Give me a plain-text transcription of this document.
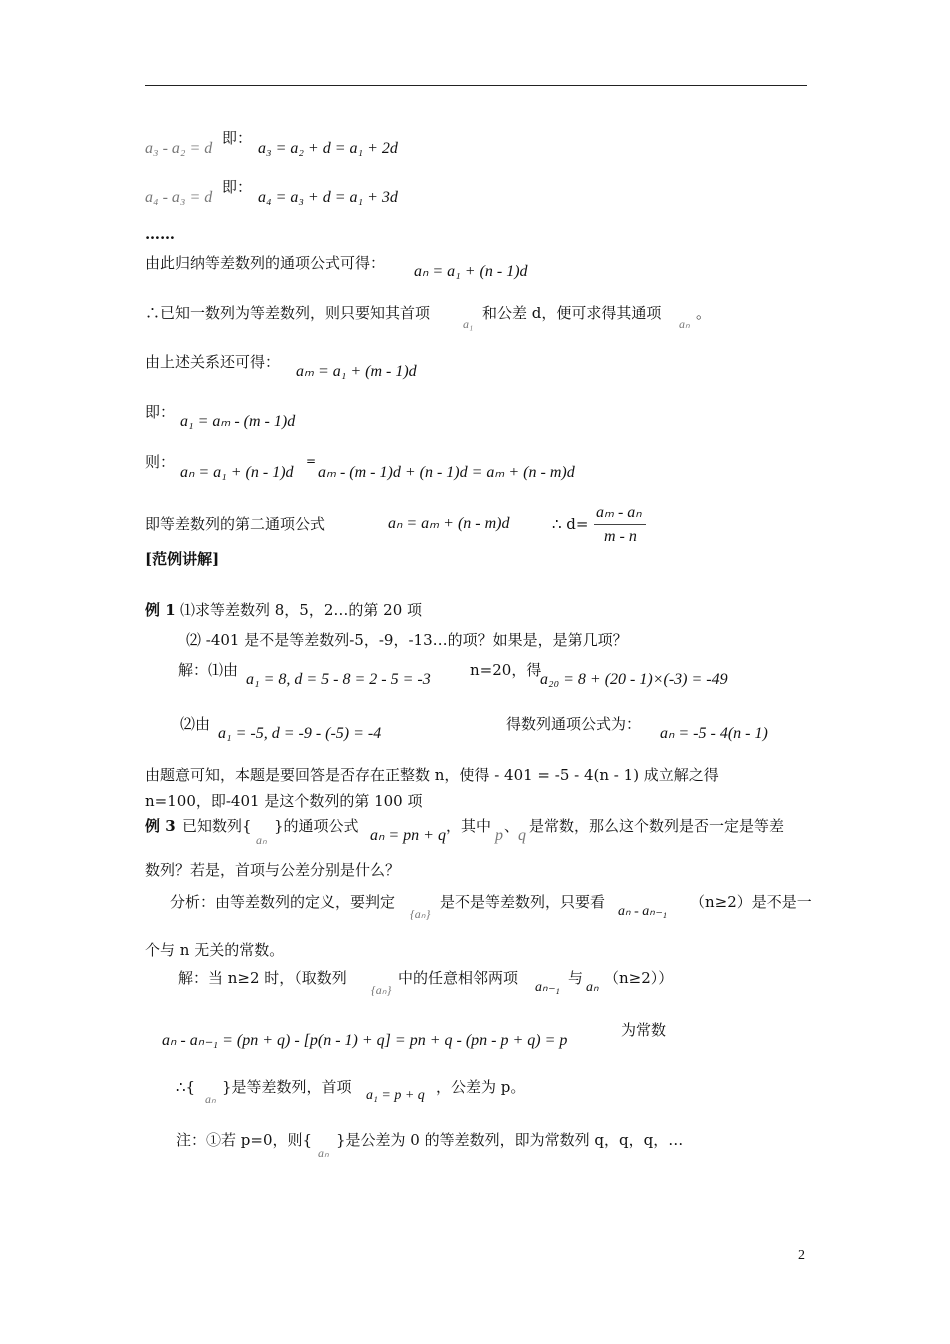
a₃ - a₂ = d
即：
a₃ = a₂ + d = a₁ + 2d
a₄ - a₃ = d
即：
a₄ = a₃ + d = a₁ + 3d
……
由此归纳等差数列的通项公式可得： aₙ = a₁ + (n - 1)d
∴已知一数列为等差数列，则只要知其首项
a₁
和公差 d，便可求得其通项
aₙ
。
由上述关系还可得：
aₘ = a₁ + (m - 1)d
即：
a₁ = aₘ - (m - 1)d
则：
aₙ = a₁ + (n - 1)d
=
aₘ - (m - 1)d + (n - 1)d = aₘ + (n - m)d
即等差数列的第二通项公式	aₙ = aₘ + (n - m)d	∴ d=
aₘ - aₙ
m - n
[范例讲解]
例 1 ⑴求等差数列 8，5，2…的第 20 项
⑵ -401 是不是等差数列-5，-9，-13…的项？如果是，是第几项？
解：⑴由
a₁ = 8, d = 5 - 8 = 2 - 5 = -3
n=20，得
a₂₀ = 8 + (20 - 1)×(-3) = -49
⑵由
a₁ = -5, d = -9 - (-5) = -4
得数列通项公式为：
aₙ = -5 - 4(n - 1)
由题意可知，本题是要回答是否存在正整数 n，使得 - 401 = -5 - 4(n - 1) 成立解之得
n=100，即-401 是这个数列的第 100 项
例 3 已知数列{
aₙ
}的通项公式
aₙ = pn + q
，其中
p
、
q
是常数，那么这个数列是否一定是等差
数列？若是，首项与公差分别是什么？
分析：由等差数列的定义，要判定
{aₙ}
是不是等差数列，只要看
aₙ - aₙ₋₁
（n≥2）是不是一
个与 n 无关的常数。
解：当 n≥2 时，（取数列
{aₙ}
中的任意相邻两项
aₙ₋₁
与
aₙ
（n≥2））
aₙ - aₙ₋₁ = (pn + q) - [p(n - 1) + q] = pn + q - (pn - p + q) = p
为常数
∴{
aₙ
}是等差数列，首项 a₁ = p + q ，公差为 p。
注：①若 p=0，则{
aₙ
}是公差为 0 的等差数列，即为常数列 q，q，q，…
2
